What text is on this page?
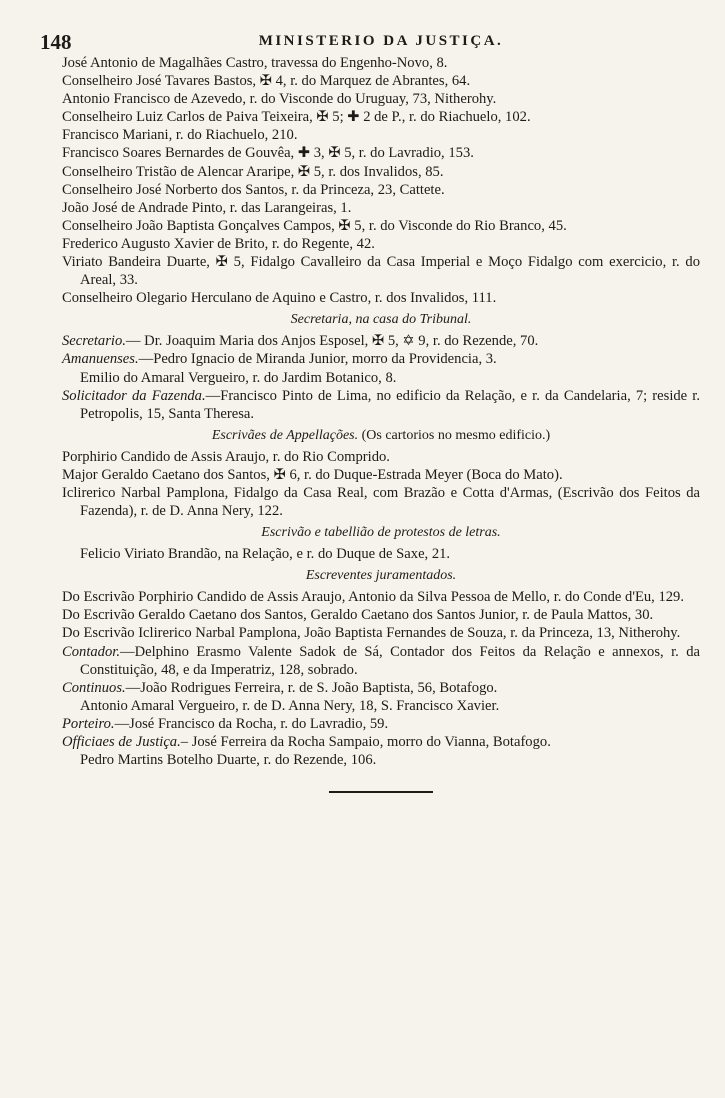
148	MINISTERIO DA JUSTIÇA.
José Antonio de Magalhães Castro, travessa do Engenho-Novo, 8.
Conselheiro José Tavares Bastos, ✠ 4, r. do Marquez de Abrantes, 64.
Antonio Francisco de Azevedo, r. do Visconde do Uruguay, 73, Nitherohy.
Conselheiro Luiz Carlos de Paiva Teixeira, ✠ 5; ✚ 2 de P., r. do Riachuelo, 102.
Francisco Mariani, r. do Riachuelo, 210.
Francisco Soares Bernardes de Gouvêa, ✚ 3, ✠ 5, r. do Lavradio, 153.
Conselheiro Tristão de Alencar Araripe, ✠ 5, r. dos Invalidos, 85.
Conselheiro José Norberto dos Santos, r. da Princeza, 23, Cattete.
João José de Andrade Pinto, r. das Larangeiras, 1.
Conselheiro João Baptista Gonçalves Campos, ✠ 5, r. do Visconde do Rio Branco, 45.
Frederico Augusto Xavier de Brito, r. do Regente, 42.
Viriato Bandeira Duarte, ✠ 5, Fidalgo Cavalleiro da Casa Imperial e Moço Fidalgo com exercicio, r. do Areal, 33.
Conselheiro Olegario Herculano de Aquino e Castro, r. dos Invalidos, 111.
Secretaria, na casa do Tribunal.
Secretario.— Dr. Joaquim Maria dos Anjos Esposel, ✠ 5, ✡ 9, r. do Rezende, 70.
Amanuenses.—Pedro Ignacio de Miranda Junior, morro da Providencia, 3.
Emilio do Amaral Vergueiro, r. do Jardim Botanico, 8.
Solicitador da Fazenda.—Francisco Pinto de Lima, no edificio da Relação, e r. da Candelaria, 7; reside r. Petropolis, 15, Santa Theresa.
Escrivães de Appellações. (Os cartorios no mesmo edificio.)
Porphirio Candido de Assis Araujo, r. do Rio Comprido.
Major Geraldo Caetano dos Santos, ✠ 6, r. do Duque-Estrada Meyer (Boca do Mato).
Iclirerico Narbal Pamplona, Fidalgo da Casa Real, com Brazão e Cotta d'Armas, (Escrivão dos Feitos da Fazenda), r. de D. Anna Nery, 122.
Escrivão e tabellião de protestos de letras.
Felicio Viriato Brandão, na Relação, e r. do Duque de Saxe, 21.
Escreventes juramentados.
Do Escrivão Porphirio Candido de Assis Araujo, Antonio da Silva Pessoa de Mello, r. do Conde d'Eu, 129.
Do Escrivão Geraldo Caetano dos Santos, Geraldo Caetano dos Santos Junior, r. de Paula Mattos, 30.
Do Escrivão Iclirerico Narbal Pamplona, João Baptista Fernandes de Souza, r. da Princeza, 13, Nitherohy.
Contador.—Delphino Erasmo Valente Sadok de Sá, Contador dos Feitos da Relação e annexos, r. da Constituição, 48, e da Imperatriz, 128, sobrado.
Continuos.—João Rodrigues Ferreira, r. de S. João Baptista, 56, Botafogo.
Antonio Amaral Vergueiro, r. de D. Anna Nery, 18, S. Francisco Xavier.
Porteiro.—José Francisco da Rocha, r. do Lavradio, 59.
Officiaes de Justiça.– José Ferreira da Rocha Sampaio, morro do Vianna, Botafogo.
Pedro Martins Botelho Duarte, r. do Rezende, 106.
